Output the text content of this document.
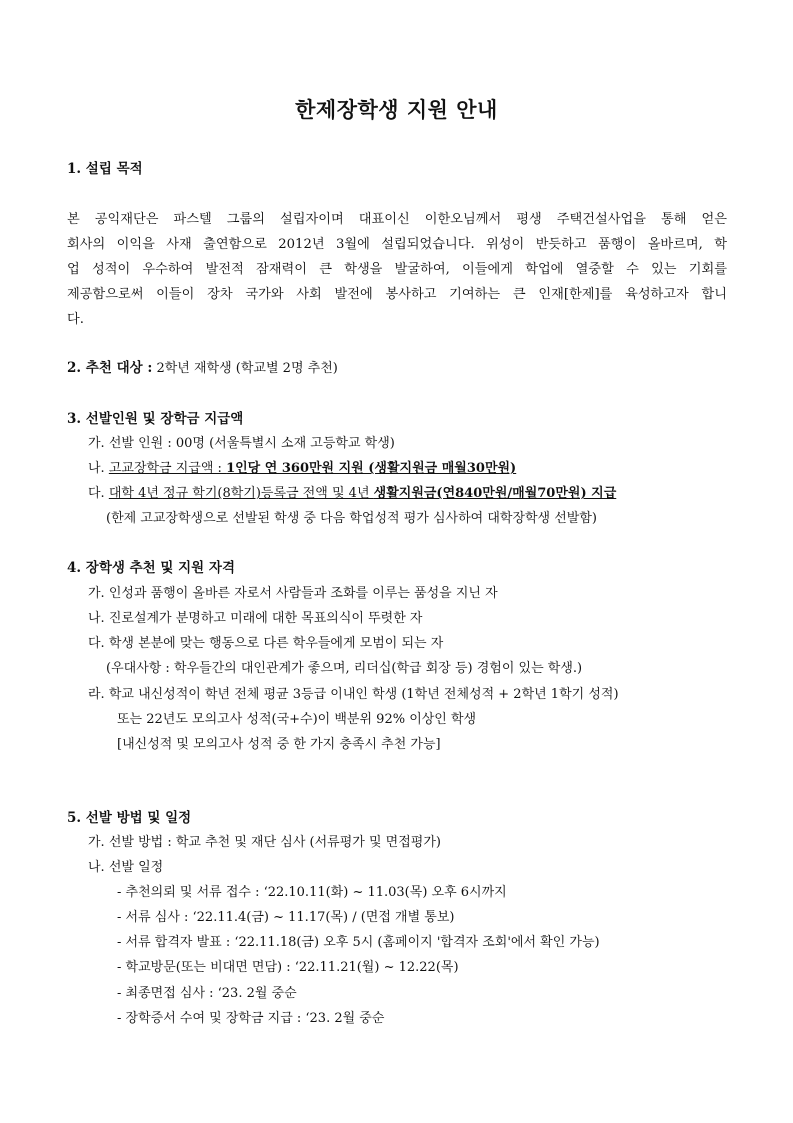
한제장학생 지원 안내
1. 설립 목적
본 공익재단은 파스텔 그룹의 설립자이며 대표이신 이한오님께서 평생 주택건설사업을 통해 얻은
회사의 이익을 사재 출연함으로 2012년 3월에 설립되었습니다. 위성이 반듯하고 품행이 올바르며, 학
업 성적이 우수하여 발전적 잠재력이 큰 학생을 발굴하여, 이들에게 학업에 열중할 수 있는 기회를
제공함으로써 이들이 장차 국가와 사회 발전에 봉사하고 기여하는 큰 인재[한제]를 육성하고자 합니
다.
2. 추천 대상 : 2학년 재학생 (학교별 2명 추천)
3. 선발인원 및 장학금 지급액
가. 선발 인원 : 00명 (서울특별시 소재 고등학교 학생)
나. 고교장학금 지급액 : 1인당 연 360만원 지원 (생활지원금 매월30만원)
다. 대학 4년 정규 학기(8학기)등록금 전액 및 4년 생활지원금(연840만원/매월70만원) 지급
(한제 고교장학생으로 선발된 학생 중 다음 학업성적 평가 심사하여 대학장학생 선발함)
4. 장학생 추천 및 지원 자격
가. 인성과 품행이 올바른 자로서 사람들과 조화를 이루는 품성을 지닌 자
나. 진로설계가 분명하고 미래에 대한 목표의식이 뚜렷한 자
다. 학생 본분에 맞는 행동으로 다른 학우들에게 모범이 되는 자
(우대사항 : 학우들간의 대인관계가 좋으며, 리더십(학급 회장 등) 경험이 있는 학생.)
라. 학교 내신성적이 학년 전체 평균 3등급 이내인 학생 (1학년 전체성적 + 2학년 1학기 성적)
또는 22년도 모의고사 성적(국+수)이 백분위 92% 이상인 학생
[내신성적 및 모의고사 성적 중 한 가지 충족시 추천 가능]
5. 선발 방법 및 일정
가. 선발 방법 : 학교 추천 및 재단 심사 (서류평가 및 면접평가)
나. 선발 일정
- 추천의뢰 및 서류 접수 : ‘22.10.11(화) ~ 11.03(목) 오후 6시까지
- 서류 심사 : ‘22.11.4(금) ~ 11.17(목) / (면접 개별 통보)
- 서류 합격자 발표 : ‘22.11.18(금) 오후 5시 (홈페이지 '합격자 조회'에서 확인 가능)
- 학교방문(또는 비대면 면담) : ‘22.11.21(월) ~ 12.22(목)
- 최종면접 심사 : ‘23. 2월 중순
- 장학증서 수여 및 장학금 지급 : ‘23. 2월 중순
